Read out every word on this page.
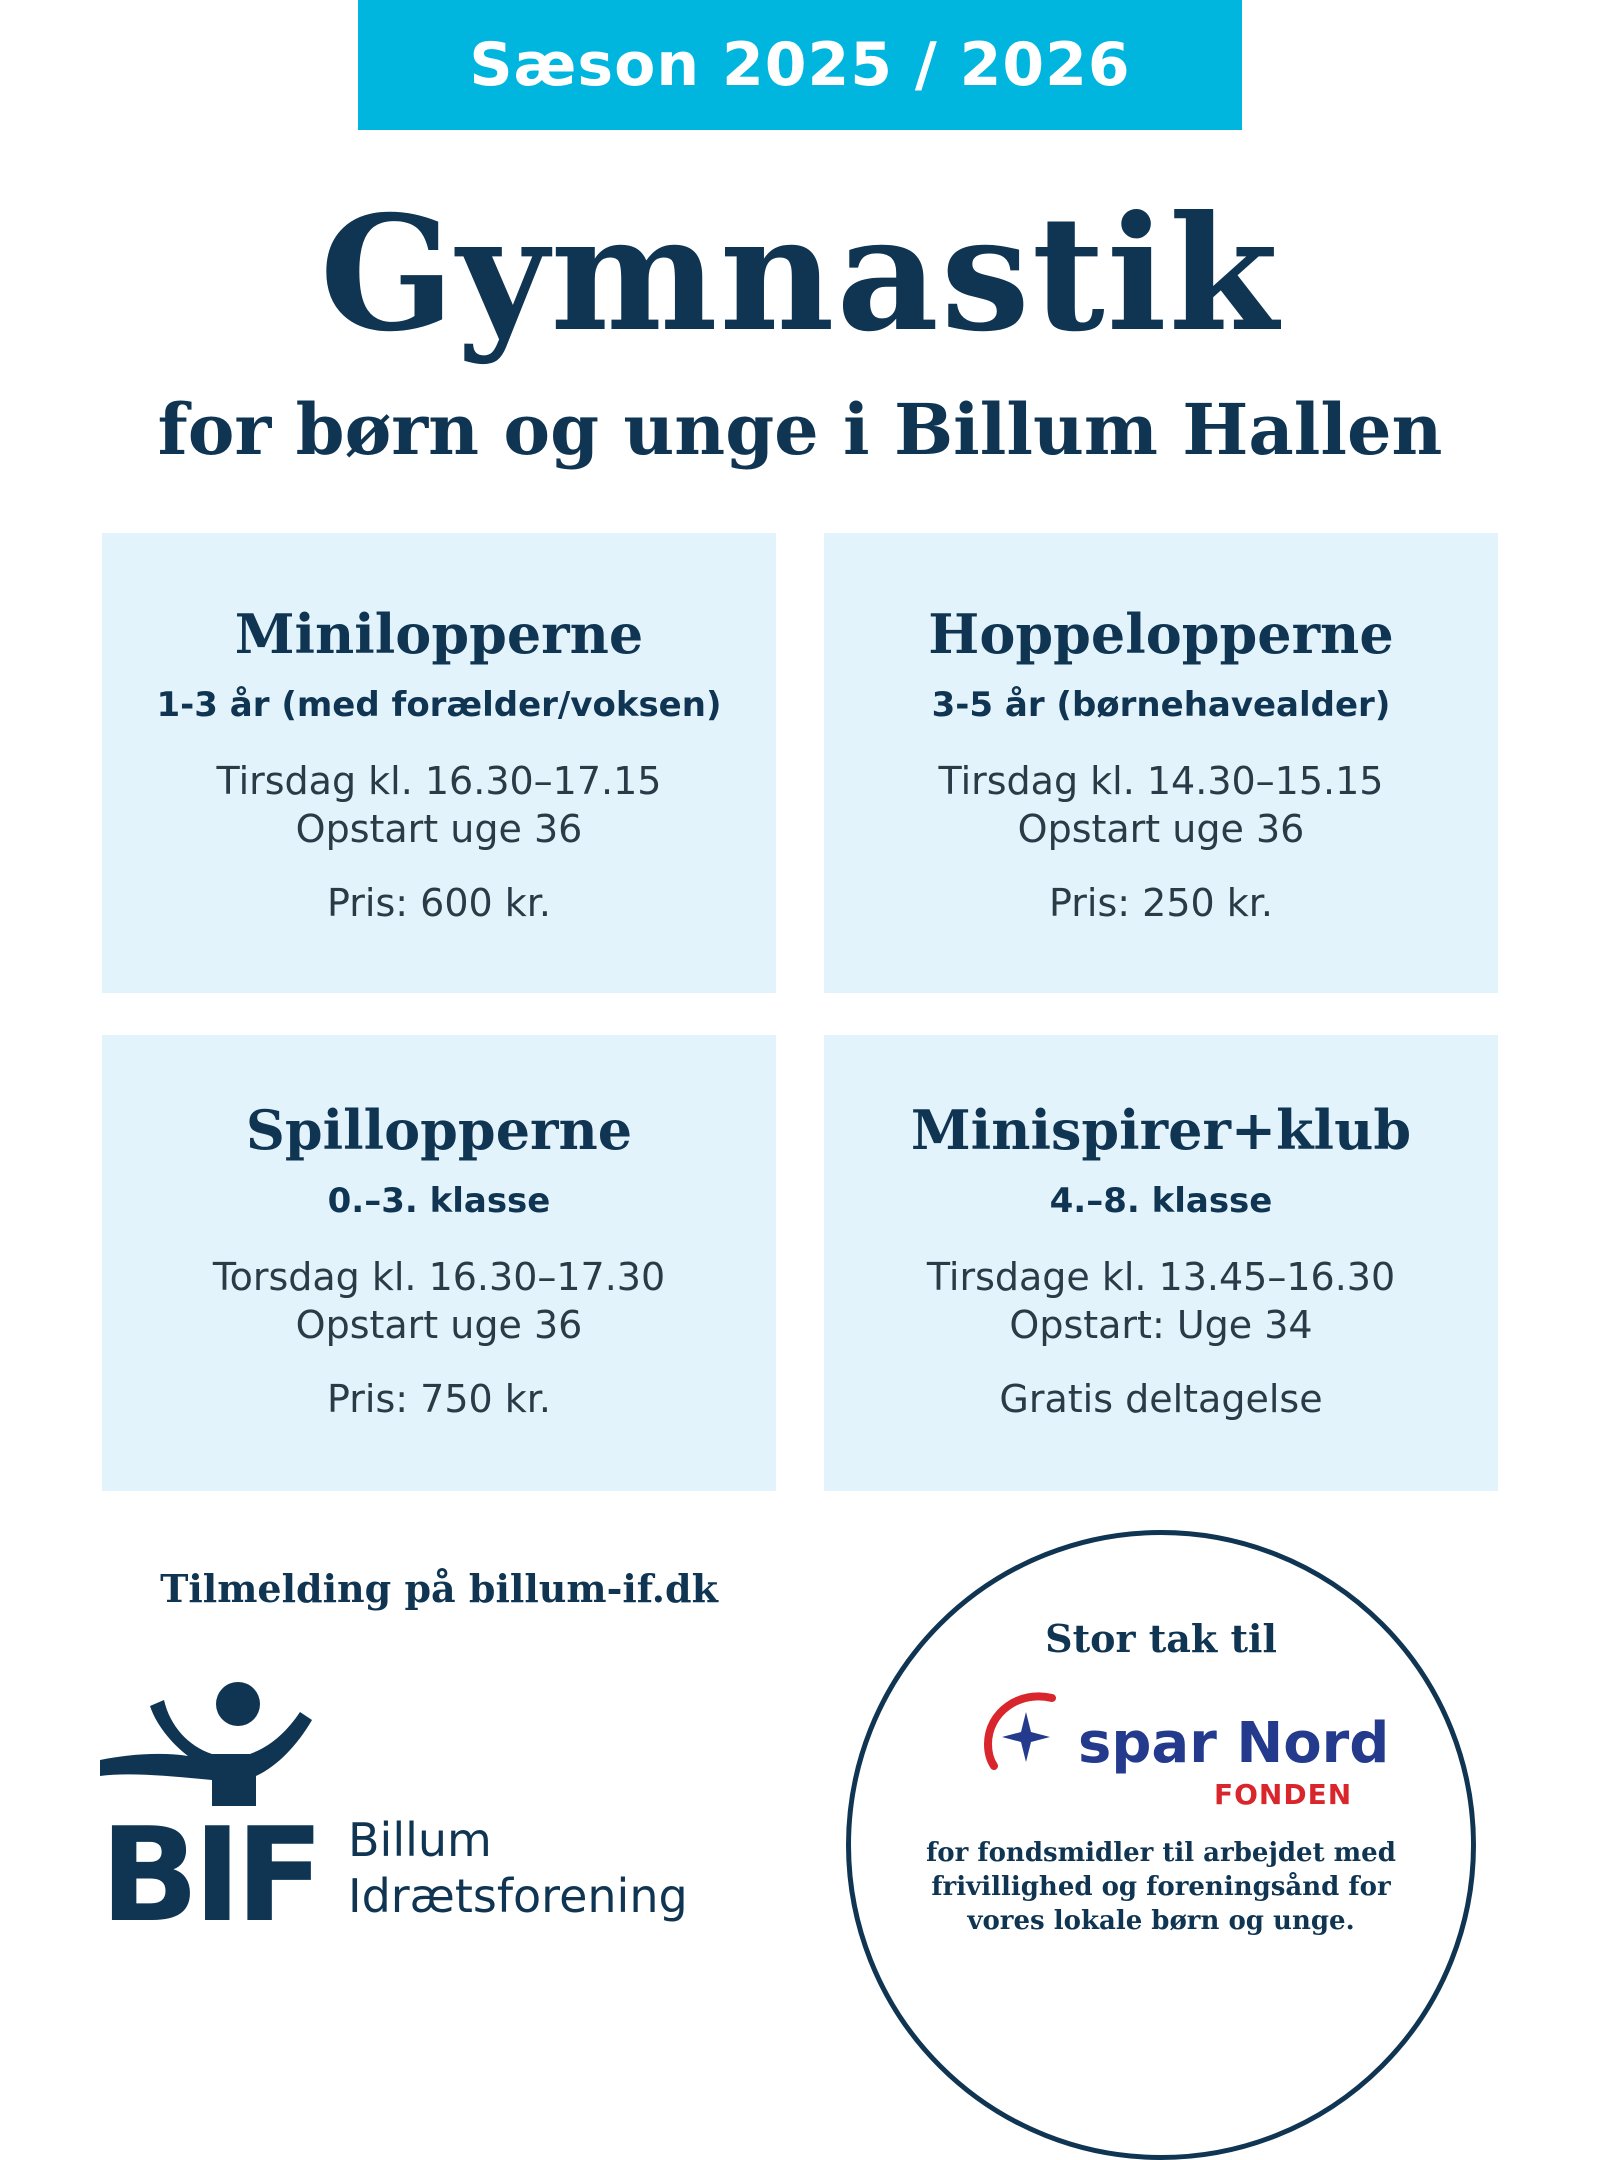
Sæson 2025 / 2026
Gymnastik
for børn og unge i Billum Hallen
Minilopperne

1-3 år (med forælder/voksen)

Tirsdag kl. 16.30–17.15

Opstart uge 36

Pris: 600 kr.

Hoppelopperne

3-5 år (børnehavealder)

Tirsdag kl. 14.30–15.15

Opstart uge 36

Pris: 250 kr.

Spillopperne

0.–3. klasse

Torsdag kl. 16.30–17.30

Opstart uge 36

Pris: 750 kr.

Minispirer+klub

4.–8. klasse

Tirsdage kl. 13.45–16.30

Opstart: Uge 34

Gratis deltagelse

Tilmelding på billum-if.dk
BIF Billum
Idrætsforening
Stor tak til
spar Nord
FONDEN
for fondsmidler til arbejdet med frivillighed og foreningsånd for vores lokale børn og unge.
